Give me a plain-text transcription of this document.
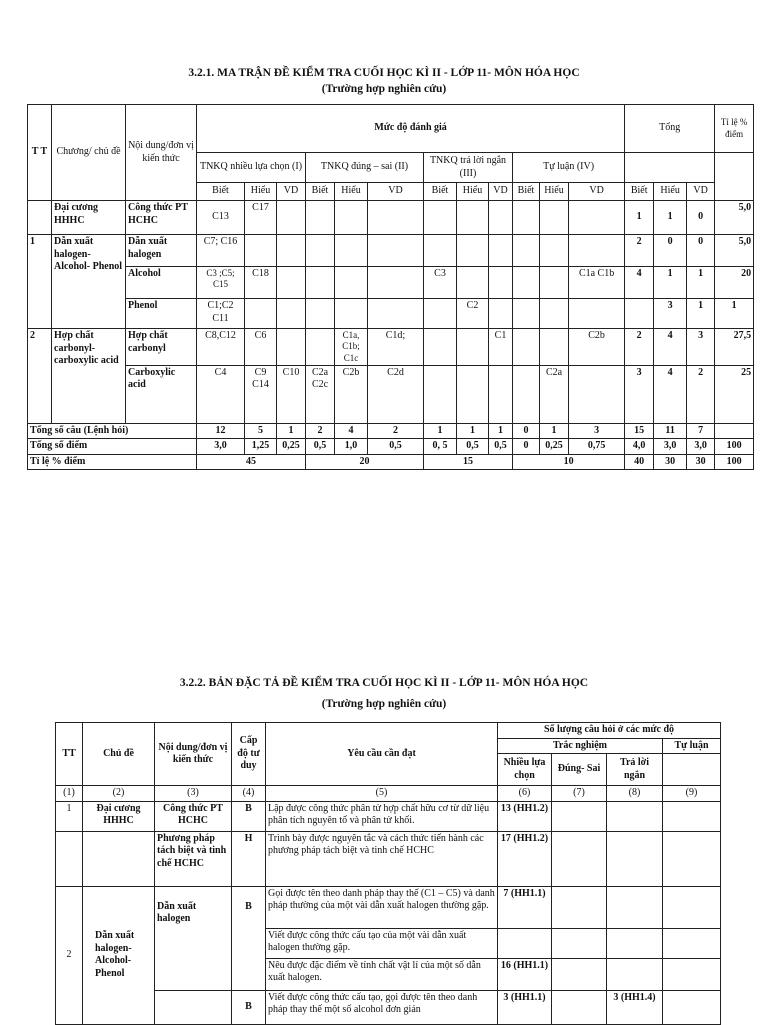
3.2.1. MA TRẬN ĐỀ KIỂM TRA CUỐI HỌC KÌ II - LỚP 11- MÔN HÓA HỌC

(Trường hợp nghiên cứu)

T T	Chương/ chủ đề	Nội dung/đơn vị kiến thức	Mức độ đánh giá												Tổng			Tỉ lệ % điểm	
			TNKQ nhiều lựa chọn (I)			TNKQ đúng – sai (II)			TNKQ trả lời ngắn (III)			Tự luận (IV)							
			Biết	Hiểu	VD	Biết	Hiểu	VD	Biết	Hiểu	VD	Biết	Hiểu	VD	Biết	Hiểu	VD		
	Đại cương HHHC	Công thức PT HCHC	C13	C17											1	1	0	5,0	
1	Dẫn xuất halogen- Alcohol- Phenol	Dẫn xuất halogen	C7; C16												2	0	0	5,0	
		Alcohol	C3 ;C5; C15	C18					C3					C1a C1b	4	1	1	20	
		Phenol	C1;C2 C11							C2						3	1	1	
2	Hợp chất carbonyl- carboxylic acid	Hợp chất carbonyl	C8,C12	C6			C1a, C1b; C1c	C1d;			C1			C2b	2	4	3	27,5	
		Carboxylic acid	C4	C9 C14	C10	C2a C2c	C2b	C2d					C2a		3	4	2	25	
Tổng số câu (Lệnh hỏi)			12	5	1	2	4	2	1	1	1	0	1	3	15	11	7		
Tổng số điểm			3,0	1,25	0,25	0,5	1,0	0,5	0, 5	0,5	0,5	0	0,25	0,75	4,0	3,0	3,0	100	
Tỉ lệ % điểm			45			20			15			10			40	30	30	100	

3.2.2. BẢN ĐẶC TẢ ĐỀ KIỂM TRA CUỐI HỌC KÌ II - LỚP 11- MÔN HÓA HỌC

(Trường hợp nghiên cứu)

TT	Chủ đề	Nội dung/đơn vị kiến thức	Cấp độ tư duy	Yêu cầu cần đạt	Số lượng câu hỏi ở các mức độ			
					Trắc nghiệm			Tự luận
					Nhiều lựa chọn	Đúng- Sai	Trả lời ngắn	
(1)	(2)	(3)	(4)	(5)	(6)	(7)	(8)	(9)
1	Đại cương HHHC	Công thức PT HCHC	B	Lập được công thức phân tử hợp chất hữu cơ từ dữ liệu phân tích nguyên tố và phân tử khối.	13 (HH1.2)			
		Phương pháp tách biệt và tinh chế HCHC	H	Trình bày được nguyên tắc và cách thức tiến hành các phương pháp tách biệt và tinh chế HCHC	17 (HH1.2)			
2	Dẫn xuất halogen- Alcohol- Phenol	Dẫn xuất halogen	B	Gọi được tên theo danh pháp thay thế (C1 – C5) và danh pháp thường của một vài dẫn xuất halogen thường gặp.	7 (HH1.1)			
				Viết được công thức cấu tạo của một vài dẫn xuất halogen thường gặp.				
				Nêu được đặc điểm về tính chất vật lí của một số dẫn xuất halogen.	16 (HH1.1)			
			B	Viết được công thức cấu tạo, gọi được tên theo danh pháp thay thế một số alcohol đơn giản	3 (HH1.1)		3 (HH1.4)	
